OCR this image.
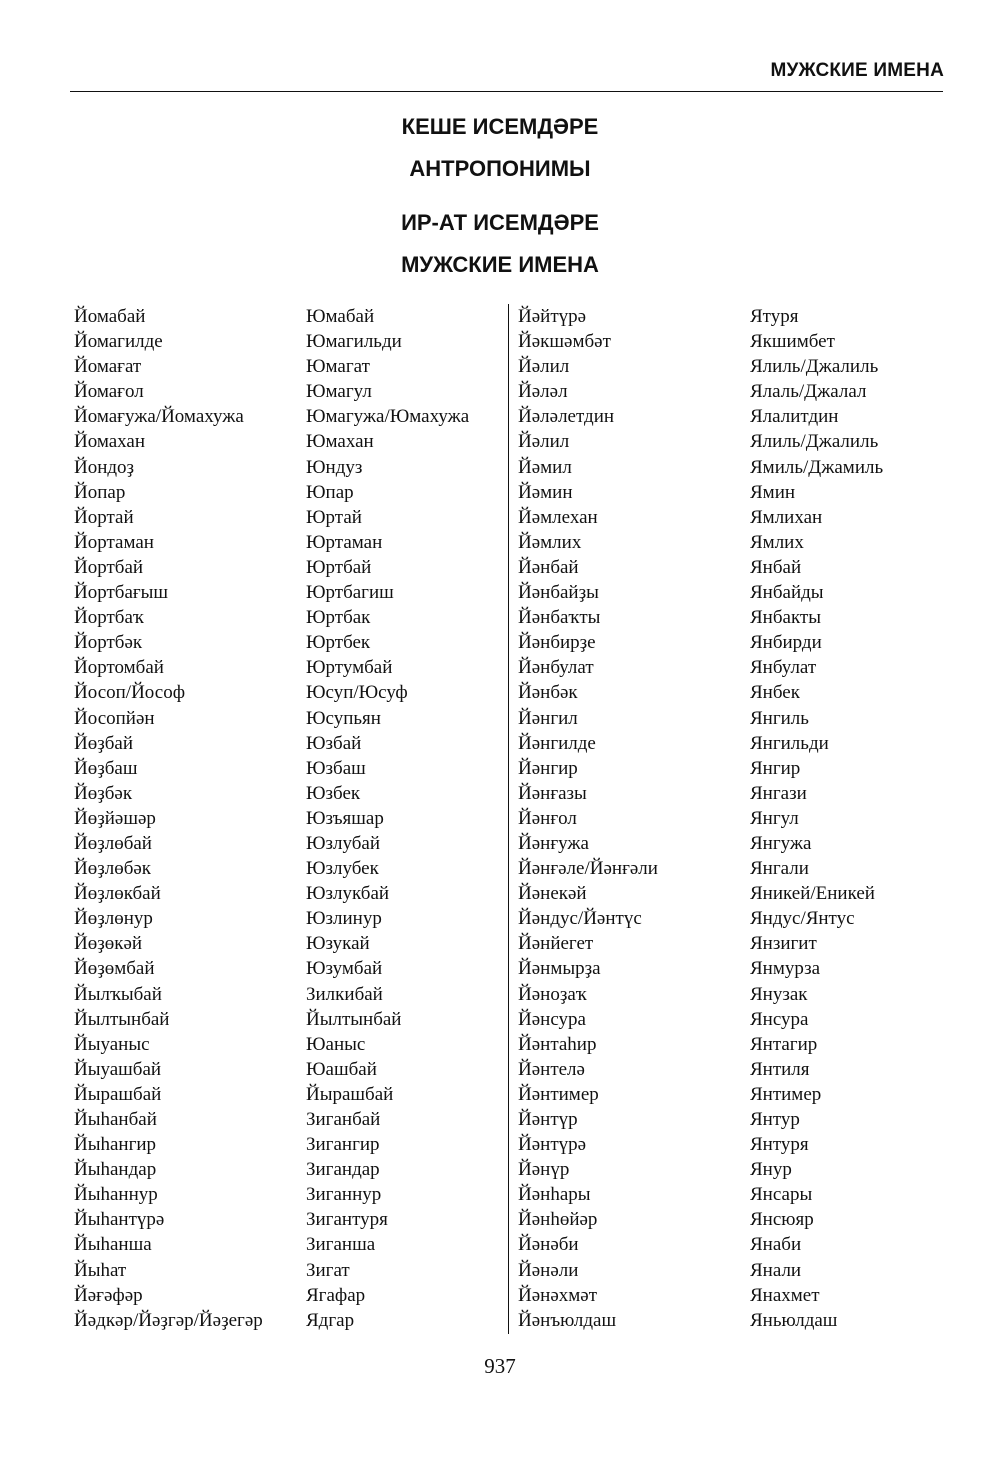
МУЖСКИЕ ИМЕНА
КЕШЕ ИСЕМДӘРЕ
АНТРОПОНИМЫ
ИР-АТ ИСЕМДӘРЕ
МУЖСКИЕ ИМЕНА
Йомабай
Йомагилде
Йомағат
Йомағол
Йомағужа/Йомахужа
Йомахан
Йондоҙ
Йопар
Йортай
Йортаман
Йортбай
Йортбағыш
Йортбаҡ
Йортбәк
Йортомбай
Йосоп/Йософ
Йосопйән
Йөҙбай
Йөҙбаш
Йөҙбәк
Йөҙйәшәр
Йөҙлөбай
Йөҙлөбәк
Йөҙлөкбай
Йөҙлөнур
Йөҙөкәй
Йөҙөмбай
Йылҡыбай
Йылтынбай
Йыуаныс
Йыуашбай
Йырашбай
Йыһанбай
Йыһангир
Йыһандар
Йыһаннур
Йыһантүрә
Йыһанша
Йыһат
Йәғәфәр
Йәдкәр/Йәҙгәр/Йәҙегәр
Юмабай
Юмагильди
Юмагат
Юмагул
Юмагужа/Юмахужа
Юмахан
Юндуз
Юпар
Юртай
Юртаман
Юртбай
Юртбагиш
Юртбак
Юртбек
Юртумбай
Юсуп/Юсуф
Юсупьян
Юзбай
Юзбаш
Юзбек
Юзъяшар
Юзлубай
Юзлубек
Юзлукбай
Юзлинур
Юзукай
Юзумбай
Зилкибай
Йылтынбай
Юаныс
Юашбай
Йырашбай
Зиганбай
Зигангир
Зигандар
Зиганнур
Зигантуря
Зиганша
Зигат
Ягафар
Ядгар
Йәйтүрә
Йәкшәмбәт
Йәлил
Йәләл
Йәләлетдин
Йәлил
Йәмил
Йәмин
Йәмлехан
Йәмлих
Йәнбай
Йәнбайҙы
Йәнбаҡты
Йәнбирҙе
Йәнбулат
Йәнбәк
Йәнгил
Йәнгилде
Йәнгир
Йәнғазы
Йәнғол
Йәнғужа
Йәнғәле/Йәнғәли
Йәнекәй
Йәндус/Йәнтүс
Йәнйегет
Йәнмырҙа
Йәноҙаҡ
Йәнсура
Йәнтаһир
Йәнтелә
Йәнтимер
Йәнтүр
Йәнтүрә
Йәнүр
Йәнһары
Йәнһөйәр
Йәнәби
Йәнәли
Йәнәхмәт
Йәнъюлдаш
Ятуря
Якшимбет
Ялиль/Джалиль
Ялаль/Джалал
Ялалитдин
Ялиль/Джалиль
Ямиль/Джамиль
Ямин
Ямлихан
Ямлих
Янбай
Янбайды
Янбакты
Янбирди
Янбулат
Янбек
Янгиль
Янгильди
Янгир
Янгази
Янгул
Янгужа
Янгали
Яникей/Еникей
Яндус/Янтус
Янзигит
Янмурза
Янузак
Янсура
Янтагир
Янтиля
Янтимер
Янтур
Янтуря
Янур
Янсары
Янсюяр
Янаби
Янали
Янахмет
Яньюлдаш
937
